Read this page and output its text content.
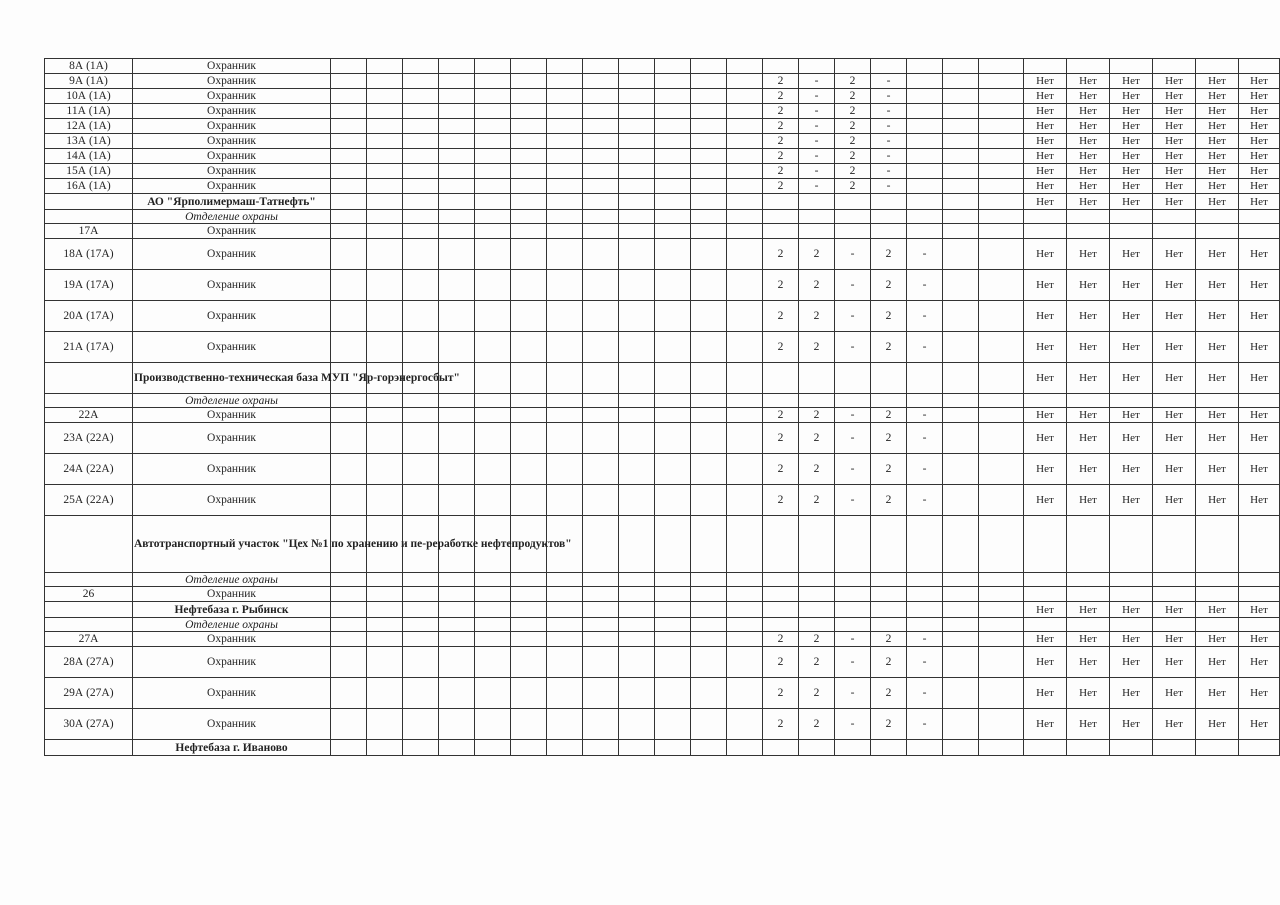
8А (1А)	Охранник																									
9А (1А)	Охранник													2	-	2	-				Нет	Нет	Нет	Нет	Нет	Нет
10А (1А)	Охранник													2	-	2	-				Нет	Нет	Нет	Нет	Нет	Нет
11А (1А)	Охранник													2	-	2	-				Нет	Нет	Нет	Нет	Нет	Нет
12А (1А)	Охранник													2	-	2	-				Нет	Нет	Нет	Нет	Нет	Нет
13А (1А)	Охранник													2	-	2	-				Нет	Нет	Нет	Нет	Нет	Нет
14А (1А)	Охранник													2	-	2	-				Нет	Нет	Нет	Нет	Нет	Нет
15А (1А)	Охранник													2	-	2	-				Нет	Нет	Нет	Нет	Нет	Нет
16А (1А)	Охранник													2	-	2	-				Нет	Нет	Нет	Нет	Нет	Нет
	АО "Ярполимермаш-Татнефть"																				Нет	Нет	Нет	Нет	Нет	Нет
	Отделение охраны																									
17А	Охранник																									
18А (17А)	Охранник													2	2	-	2	-			Нет	Нет	Нет	Нет	Нет	Нет
19А (17А)	Охранник													2	2	-	2	-			Нет	Нет	Нет	Нет	Нет	Нет
20А (17А)	Охранник													2	2	-	2	-			Нет	Нет	Нет	Нет	Нет	Нет
21А (17А)	Охранник													2	2	-	2	-			Нет	Нет	Нет	Нет	Нет	Нет
	Производственно-техническая база МУП "Яр-горэнергосбыт"																				Нет	Нет	Нет	Нет	Нет	Нет
	Отделение охраны																									
22А	Охранник													2	2	-	2	-			Нет	Нет	Нет	Нет	Нет	Нет
23А (22А)	Охранник													2	2	-	2	-			Нет	Нет	Нет	Нет	Нет	Нет
24А (22А)	Охранник													2	2	-	2	-			Нет	Нет	Нет	Нет	Нет	Нет
25А (22А)	Охранник													2	2	-	2	-			Нет	Нет	Нет	Нет	Нет	Нет
	Автотранспортный участок "Цех №1 по хранению и пе-реработке нефтепродуктов"																									
	Отделение охраны																									
26	Охранник																									
	Нефтебаза г. Рыбинск																				Нет	Нет	Нет	Нет	Нет	Нет
	Отделение охраны																									
27А	Охранник													2	2	-	2	-			Нет	Нет	Нет	Нет	Нет	Нет
28А (27А)	Охранник													2	2	-	2	-			Нет	Нет	Нет	Нет	Нет	Нет
29А (27А)	Охранник													2	2	-	2	-			Нет	Нет	Нет	Нет	Нет	Нет
30А (27А)	Охранник													2	2	-	2	-			Нет	Нет	Нет	Нет	Нет	Нет
	Нефтебаза г. Иваново																									
